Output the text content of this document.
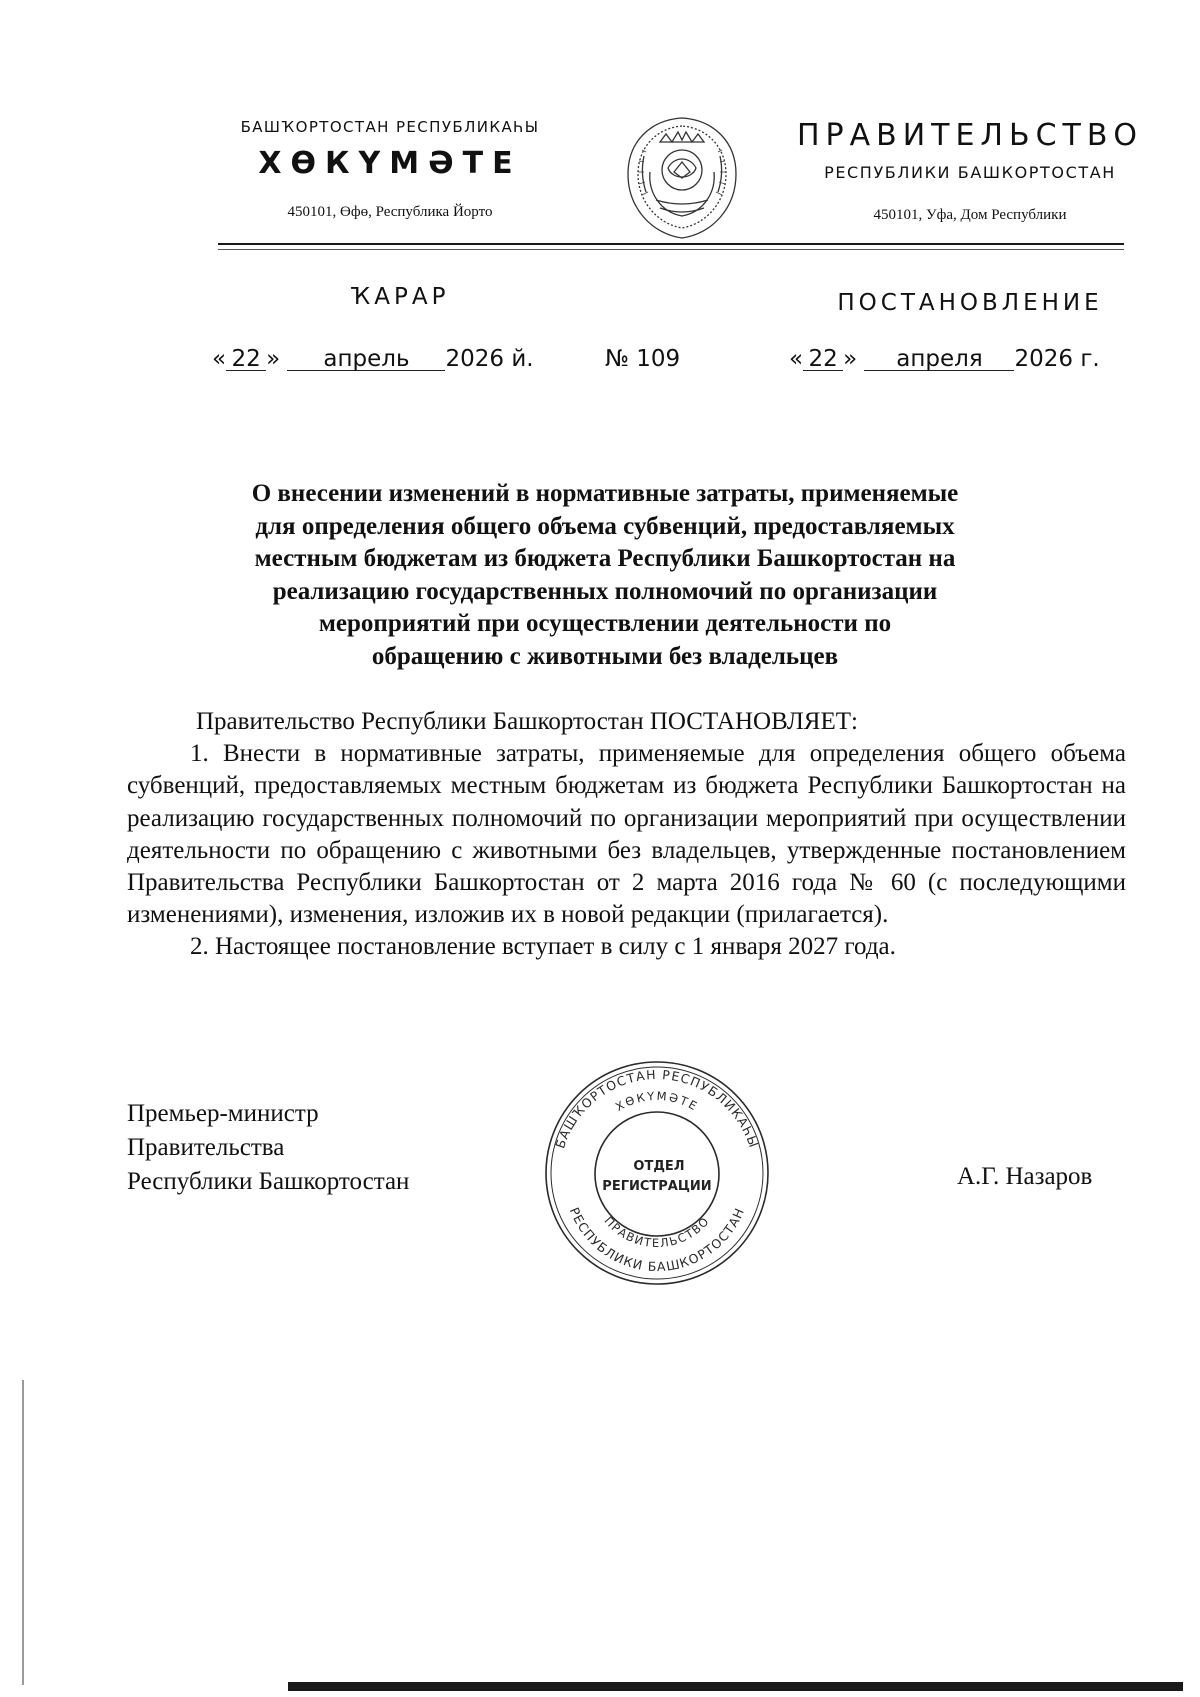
БАШҠОРТОСТАН РЕСПУБЛИКАҺЫ
ХӨКҮМӘТЕ
450101, Өфө, Республика Йорто
ПРАВИТЕЛЬСТВО
РЕСПУБЛИКИ БАШКОРТОСТАН
450101, Уфа, Дом Республики
ҠАРАР	ПОСТАНОВЛЕНИЕ
« 22 » апрель 2026 й.	№ 109	« 22 » апреля 2026 г.
О внесении изменений в нормативные затраты, применяемые
для определения общего объема субвенций, предоставляемых
местным бюджетам из бюджета Республики Башкортостан на
реализацию государственных полномочий по организации
мероприятий при осуществлении деятельности по
обращению с животными без владельцев

Правительство Республики Башкортостан ПОСТАНОВЛЯЕТ:

1. Внести в нормативные затраты, применяемые для определения общего объема субвенций, предоставляемых местным бюджетам из бюджета Республики Башкортостан на реализацию государственных полномочий по организации мероприятий при осуществлении деятельности по обращению с животными без владельцев, утвержденные постановлением Правительства Республики Башкортостан от 2 марта 2016 года № 60 (с последующими изменениями), изменения, изложив их в новой редакции (прилагается).

2. Настоящее постановление вступает в силу с 1 января 2027 года.

Премьер-министр
Правительства
Республики Башкортостан	А.Г. Назаров
БАШҠОРТОСТАН РЕСПУБЛИКАҺЫ
ХӨКҮМӘТЕ
ПРАВИТЕЛЬСТВО
РЕСПУБЛИКИ БАШКОРТОСТАН
ОТДЕЛ
РЕГИСТРАЦИИ
